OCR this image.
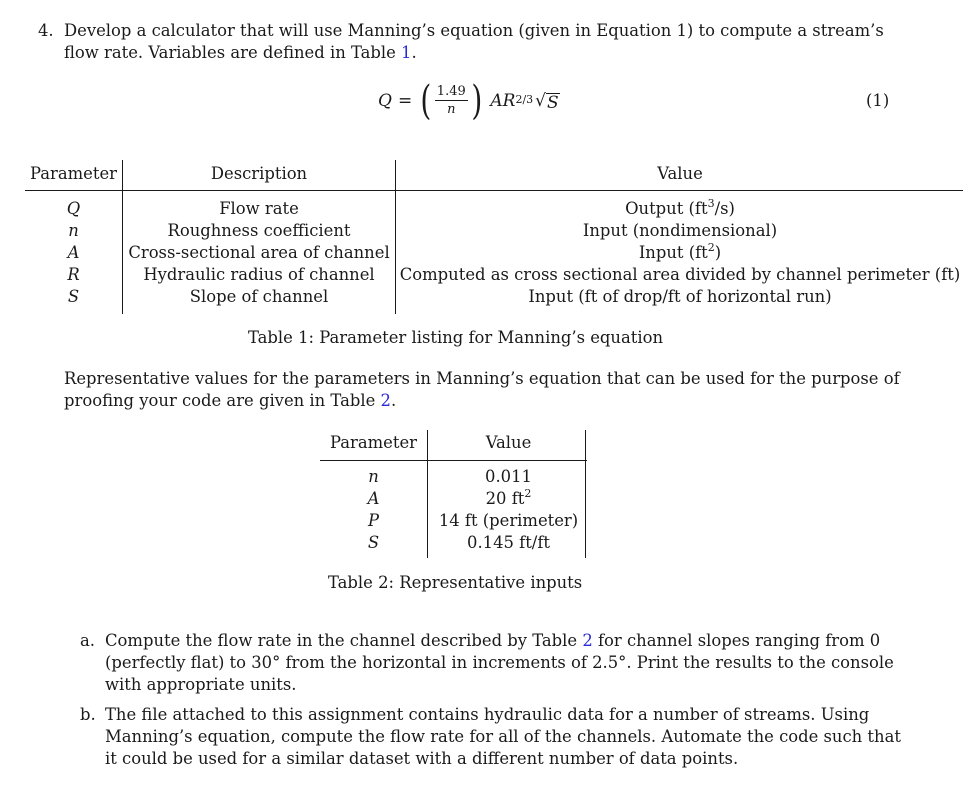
4. Develop a calculator that will use Manning’s equation (given in Equation 1) to compute a stream’s
flow rate. Variables are defined in Table 1.
Q = ( $\frac{1.49}{n}$ ) A $R^{2/3}$ √ S	(1)
Parameter	Description	Value
Q	Flow rate	Output $(ft^3/s)$
n	Roughness coefficient	Input (nondimensional)
A	Cross-sectional area of channel	Input $(ft^2)$
R	Hydraulic radius of channel	Computed as cross sectional area divided by channel perimeter (ft)
S	Slope of channel	Input (ft of drop/ft of horizontal run)
Table 1: Parameter listing for Manning’s equation
Representative values for the parameters in Manning’s equation that can be used for the purpose of
proofing your code are given in Table 2.
Parameter	Value
n	0.011
A	20 $ft^2$
P	14 ft (perimeter)
S	0.145 ft/ft
Table 2: Representative inputs
a. Compute the flow rate in the channel described by Table 2 for channel slopes ranging from 0
(perfectly flat) to 30° from the horizontal in increments of 2.5°. Print the results to the console
with appropriate units.
b. The file attached to this assignment contains hydraulic data for a number of streams. Using
Manning’s equation, compute the flow rate for all of the channels. Automate the code such that
it could be used for a similar dataset with a different number of data points.
